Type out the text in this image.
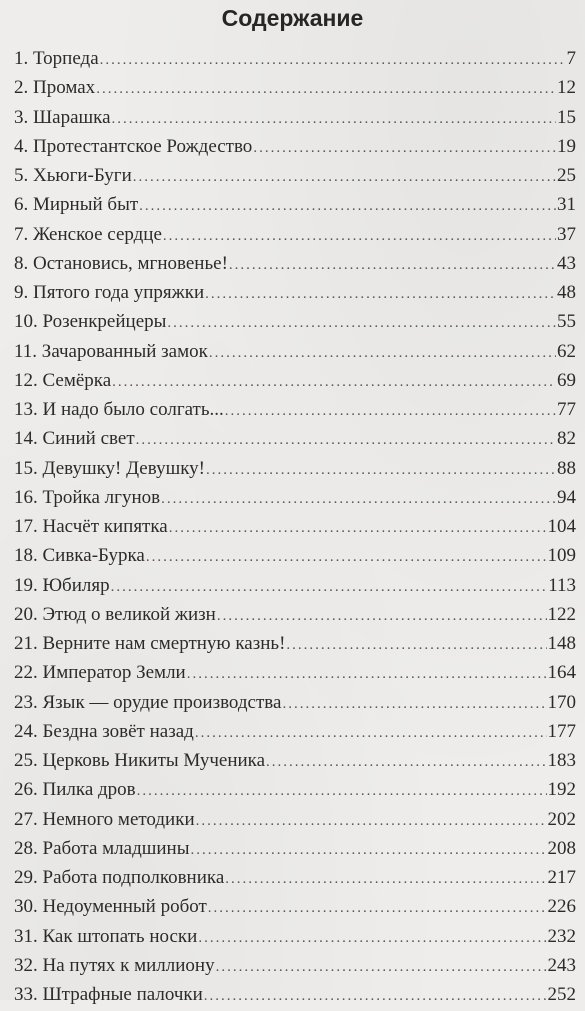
Содержание
1. Торпеда .....	7
2. Промах .....	12
3. Шарашка .....	15
4. Протестантское Рождество .....	19
5. Хьюги-Буги .....	25
6. Мирный быт .....	31
7. Женское сердце .....	37
8. Остановись, мгновенье! .....	43
9. Пятого года упряжки .....	48
10. Розенкрейцеры .....	55
11. Зачарованный замок .....	62
12. Семёрка .....	69
13. И надо было солгать... .....	77
14. Синий свет .....	82
15. Девушку! Девушку! .....	88
16. Тройка лгунов .....	94
17. Насчёт кипятка .....	104
18. Сивка-Бурка .....	109
19. Юбиляр .....	113
20. Этюд о великой жизн .....	122
21. Верните нам смертную казнь! .....	148
22. Император Земли .....	164
23. Язык — орудие производства .....	170
24. Бездна зовёт назад .....	177
25. Церковь Никиты Мученика .....	183
26. Пилка дров .....	192
27. Немного методики .....	202
28. Работа младшины .....	208
29. Работа подполковника .....	217
30. Недоуменный робот .....	226
31. Как штопать носки .....	232
32. На путях к миллиону .....	243
33. Штрафные палочки .....	252
